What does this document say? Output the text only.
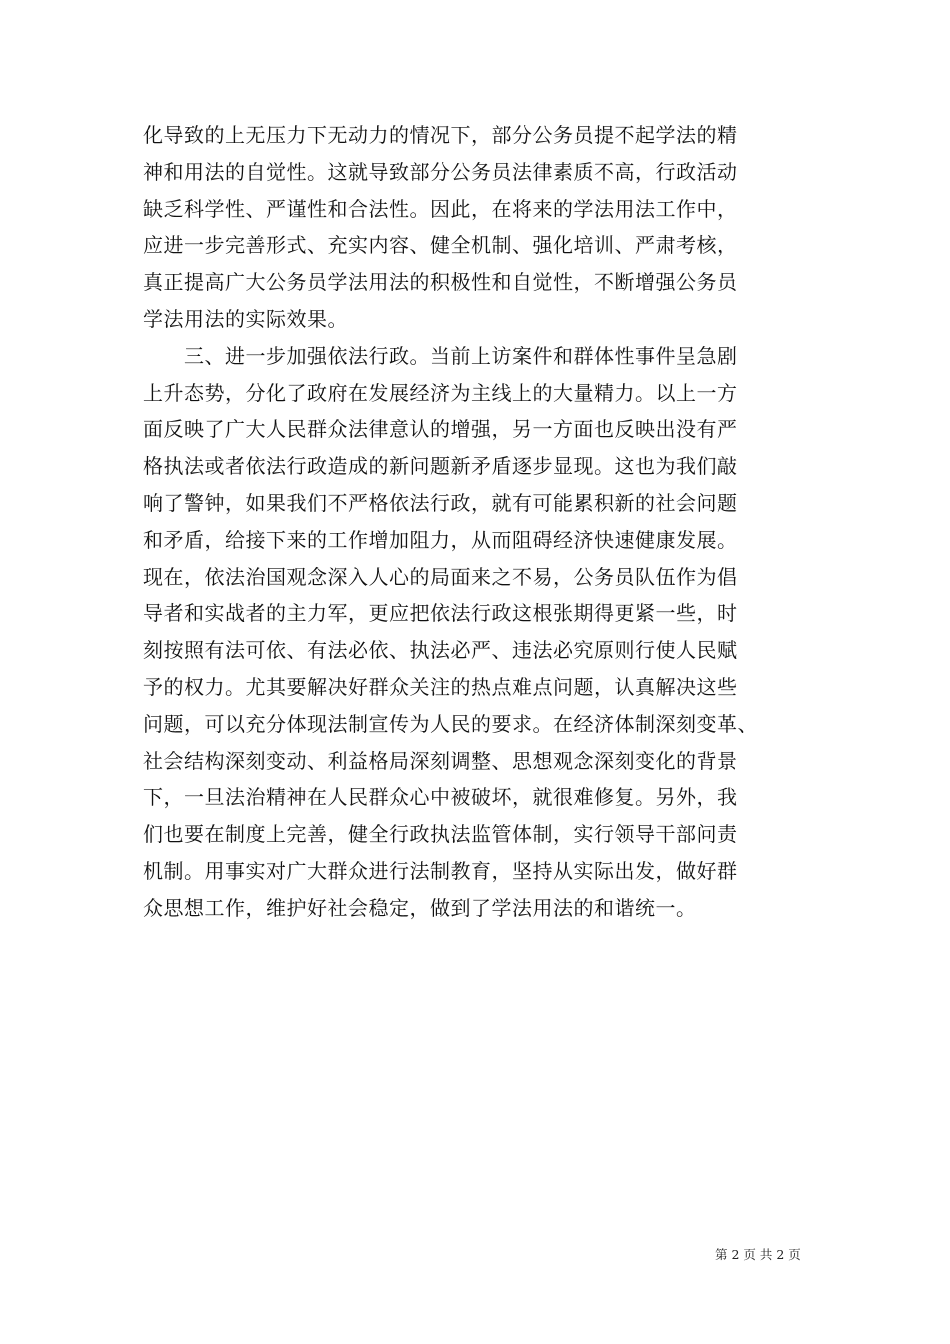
化导致的上无压力下无动力的情况下，部分公务员提不起学法的精
神和用法的自觉性。这就导致部分公务员法律素质不高，行政活动
缺乏科学性、严谨性和合法性。因此，在将来的学法用法工作中，
应进一步完善形式、充实内容、健全机制、强化培训、严肃考核，
真正提高广大公务员学法用法的积极性和自觉性，不断增强公务员
学法用法的实际效果。
　　三、进一步加强依法行政。当前上访案件和群体性事件呈急剧
上升态势，分化了政府在发展经济为主线上的大量精力。以上一方
面反映了广大人民群众法律意认的增强，另一方面也反映出没有严
格执法或者依法行政造成的新问题新矛盾逐步显现。这也为我们敲
响了警钟，如果我们不严格依法行政，就有可能累积新的社会问题
和矛盾，给接下来的工作增加阻力，从而阻碍经济快速健康发展。
现在，依法治国观念深入人心的局面来之不易，公务员队伍作为倡
导者和实战者的主力军，更应把依法行政这根张期得更紧一些，时
刻按照有法可依、有法必依、执法必严、违法必究原则行使人民赋
予的权力。尤其要解决好群众关注的热点难点问题，认真解决这些
问题，可以充分体现法制宣传为人民的要求。在经济体制深刻变革、
社会结构深刻变动、利益格局深刻调整、思想观念深刻变化的背景
下，一旦法治精神在人民群众心中被破坏，就很难修复。另外，我
们也要在制度上完善，健全行政执法监管体制，实行领导干部问责
机制。用事实对广大群众进行法制教育，坚持从实际出发，做好群
众思想工作，维护好社会稳定，做到了学法用法的和谐统一。
第 2 页 共 2 页
